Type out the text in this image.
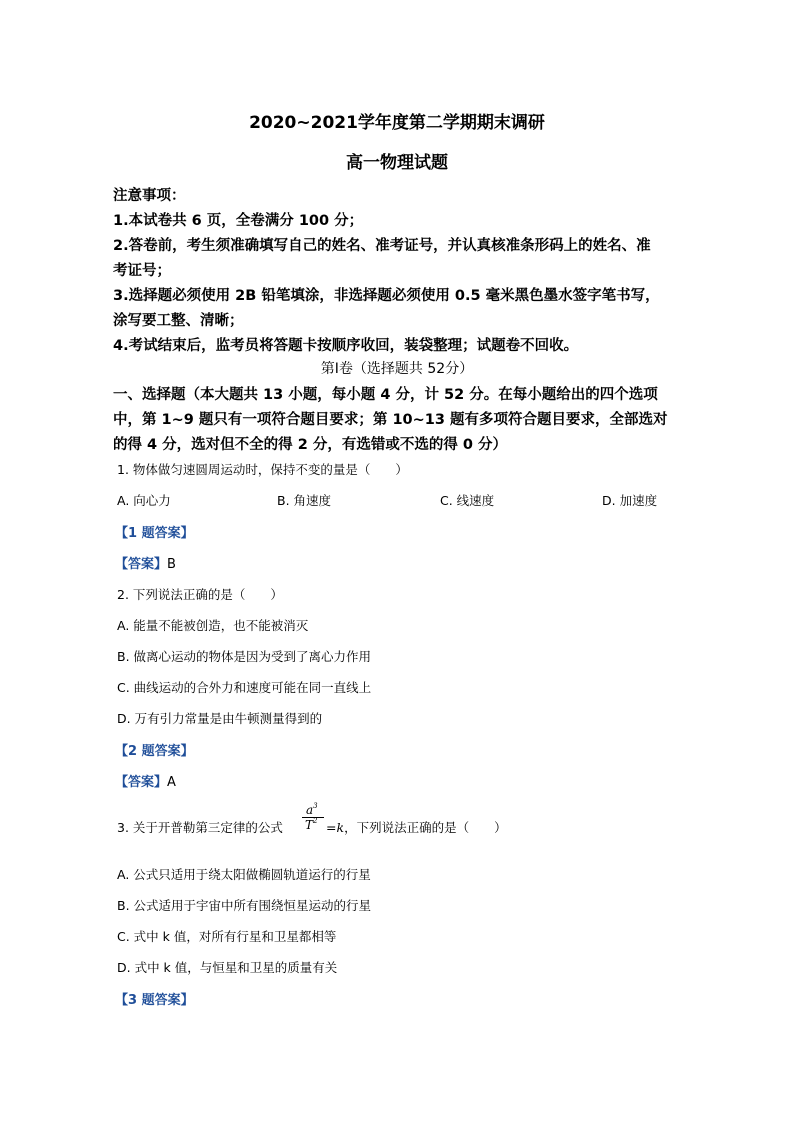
2020~2021学年度第二学期期末调研
高一物理试题
注意事项：
1.本试卷共 6 页，全卷满分 100 分；
2.答卷前，考生须准确填写自己的姓名、准考证号，并认真核准条形码上的姓名、准
考证号；
3.选择题必须使用 2B 铅笔填涂，非选择题必须使用 0.5 毫米黑色墨水签字笔书写，
涂写要工整、清晰；
4.考试结束后，监考员将答题卡按顺序收回，装袋整理；试题卷不回收。
第Ⅰ卷（选择题共 52分）
一、选择题（本大题共 13 小题，每小题 4 分，计 52 分。在每小题给出的四个选项
中，第 1~9 题只有一项符合题目要求；第 10~13 题有多项符合题目要求，全部选对
的得 4 分，选对但不全的得 2 分，有选错或不选的得 0 分）
1. 物体做匀速圆周运动时，保持不变的量是（　　）
A. 向心力	B. 角速度	C. 线速度	D. 加速度
【1 题答案】
【答案】B
2. 下列说法正确的是（　　）
A. 能量不能被创造，也不能被消灭
B. 做离心运动的物体是因为受到了离心力作用
C. 曲线运动的合外力和速度可能在同一直线上
D. 万有引力常量是由牛顿测量得到的
【2 题答案】
【答案】A
3. 关于开普勒第三定律的公式
$a^3$
$T^2 =k$，下列说法正确的是（　　）
A. 公式只适用于绕太阳做椭圆轨道运行的行星
B. 公式适用于宇宙中所有围绕恒星运动的行星
C. 式中 k 值，对所有行星和卫星都相等
D. 式中 k 值，与恒星和卫星的质量有关
【3 题答案】
